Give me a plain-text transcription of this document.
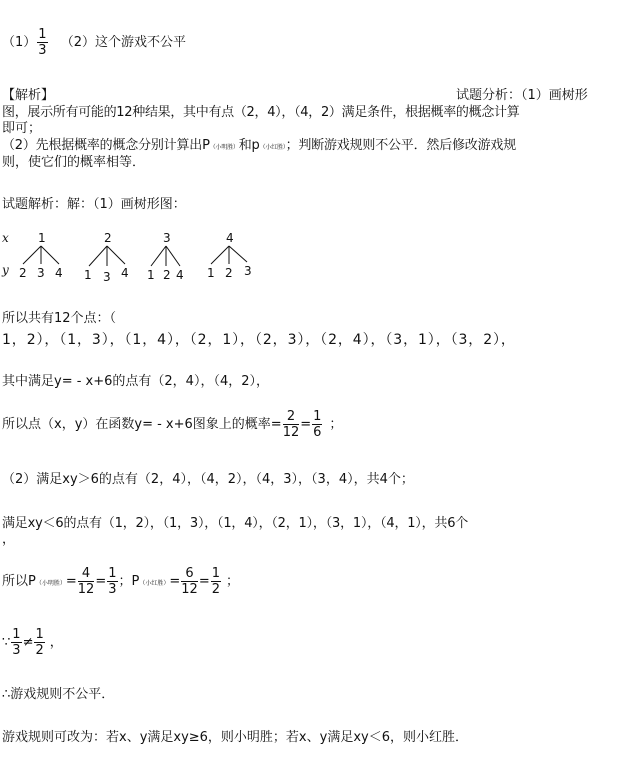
$(1) \frac{1}{3} (2)$这个游戏不公平
【解析】	试题分析：（1）画树形
图，展示所有可能的12种结果，其中有点（2，4），（4，2）满足条件，根据概率的概念计算
即可；
（2）先根据概率的概念分别计算出P（小明胜）和p（小红胜）；判断游戏规则不公平．然后修改游戏规
则，使它们的概率相等．
试题解析：解：（1）画树形图：
x
y
1
2 3 4
2
1 3 4
3
1 2 4
4
1 2 3
所以共有12个点：（
1，2），（1，3），（1，4），（2，1），（2，3），（2，4），（3，1），（3，2），
其中满足y= - x+6的点有（2，4），（4，2），
所以点（x，y）在函数y= - x+6图象上的概率= $\frac{2}{12} = \frac{1}{6}$ ；
（2）满足xy＞6的点有（2，4），（4，2），（4，3），（3，4），共4个；
满足xy＜6的点有（1，2），（1，3），（1，4），（2，1），（3，1），（4，1），共6个
，
所以P（小明胜）= $\frac{4}{12} = \frac{1}{3}$ ；P（小红胜）= $\frac{6}{12} = \frac{1}{2}$ ；
∵ $\frac{1}{3} \ne \frac{1}{2}$ ，
∴游戏规则不公平．
游戏规则可改为：若x、y满足xy≥6，则小明胜；若x、y满足xy＜6，则小红胜．
